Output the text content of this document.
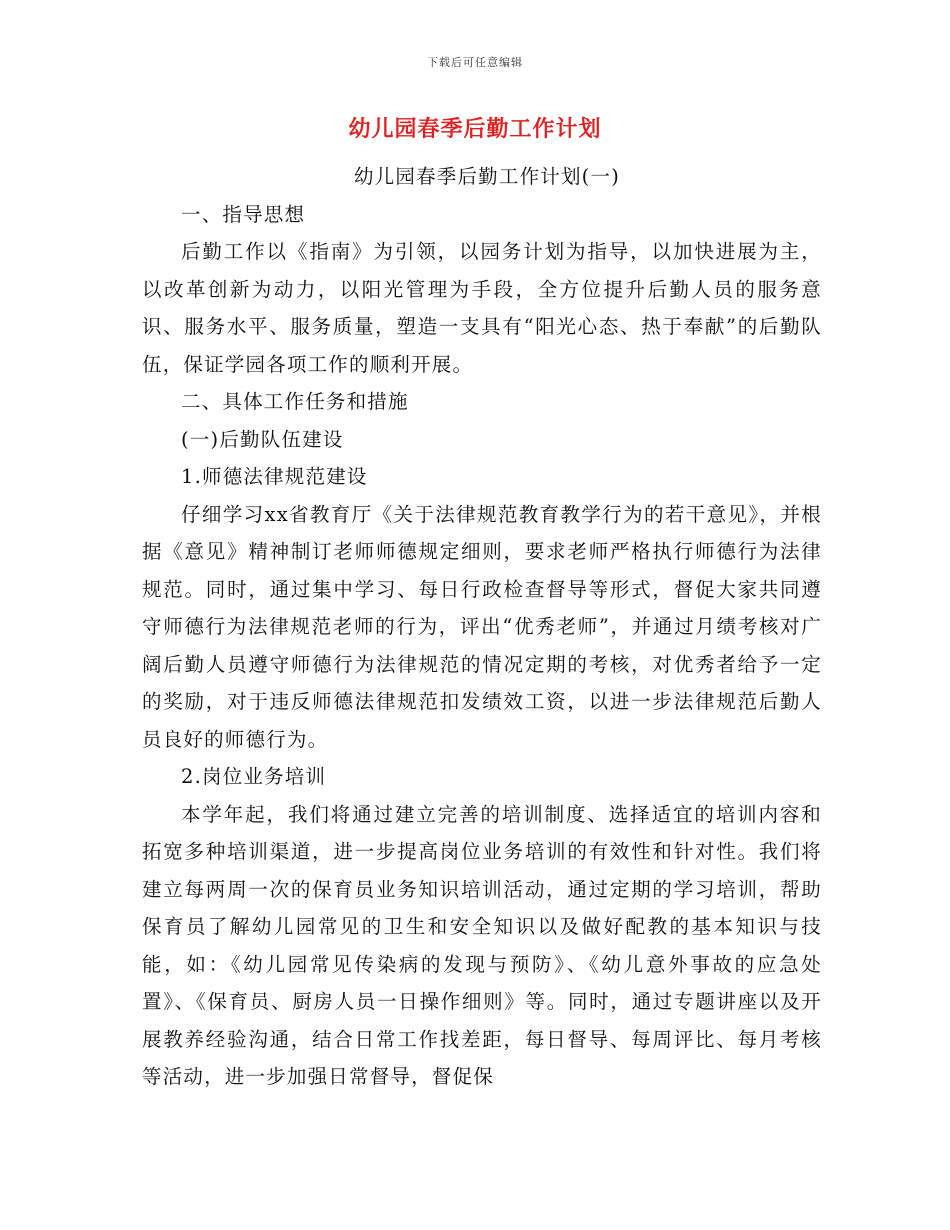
下载后可任意编辑
幼儿园春季后勤工作计划

幼儿园春季后勤工作计划(一)

一、指导思想

后勤工作以《指南》为引领，以园务计划为指导，以加快进展为主，以改革创新为动力，以阳光管理为手段，全方位提升后勤人员的服务意识、服务水平、服务质量，塑造一支具有“阳光心态、热于奉献”的后勤队伍，保证学园各项工作的顺利开展。

二、具体工作任务和措施

(一)后勤队伍建设

1.师德法律规范建设

仔细学习xx省教育厅《关于法律规范教育教学行为的若干意见》，并根据《意见》精神制订老师师德规定细则，要求老师严格执行师德行为法律规范。同时，通过集中学习、每日行政检查督导等形式，督促大家共同遵守师德行为法律规范老师的行为，评出“优秀老师”，并通过月绩考核对广阔后勤人员遵守师德行为法律规范的情况定期的考核，对优秀者给予一定的奖励，对于违反师德法律规范扣发绩效工资，以进一步法律规范后勤人员良好的师德行为。

2.岗位业务培训

本学年起，我们将通过建立完善的培训制度、选择适宜的培训内容和拓宽多种培训渠道，进一步提高岗位业务培训的有效性和针对性。我们将建立每两周一次的保育员业务知识培训活动，通过定期的学习培训，帮助保育员了解幼儿园常见的卫生和安全知识以及做好配教的基本知识与技能，如：《幼儿园常见传染病的发现与预防》、《幼儿意外事故的应急处置》、《保育员、厨房人员一日操作细则》等。同时，通过专题讲座以及开展教养经验沟通，结合日常工作找差距，每日督导、每周评比、每月考核等活动，进一步加强日常督导，督促保
